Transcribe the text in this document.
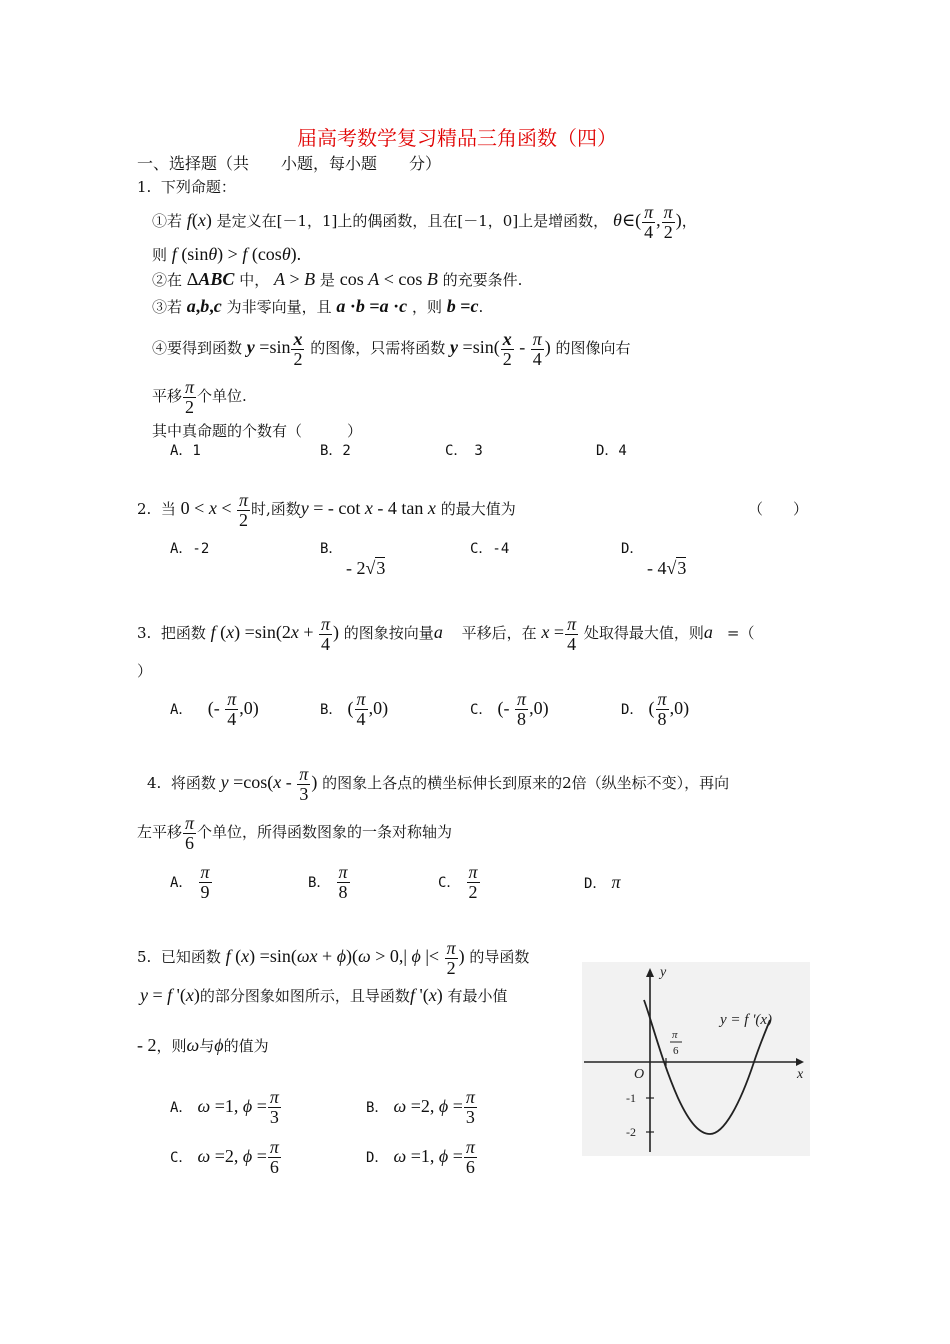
届高考数学复习精品三角函数（四）
一、选择题（共　　小题，每小题　　分）
1. 下列命题：
①若 f(x) 是定义在[－1，1]上的偶函数，且在[－1，0]上是增函数， θ∈( $\frac{\pi}{4}$ , $\frac{\pi}{2}$ )，
则 f (sinθ) > f (cosθ).
②在 ΔABC 中， A > B 是 cos A < cos B 的充要条件.
③若 a,b,c 为非零向量，且 a ·b =a ·c ，则 b =c.
④要得到函数 $y =\sin \frac{x}{2}$ 的图像，只需将函数 $y =\sin( \frac{x}{2} - \frac{\pi}{4}$ ) 的图像向右
平移 $\frac{\pi}{2}$ 个单位.
其中真命题的个数有（　　　）
A．1	B．2	C．　3	D．4
2. 当 $0 < x < \frac{\pi}{2}$ 时,函数y = - cot x - 4 tan x 的最大值为	（　　）
A．-2	B．
- 2√3
C．-4	D．
- 4√3
3. 把函数 f $(x) =\sin(2x + \frac{\pi}{4}$ ) 的图象按向量a⃗ 平移后，在 $x = \frac{\pi}{4}$ 处取得最大值，则a⃗=（
）
A． (- $\frac{\pi}{4} ,0$)	B． ( $\frac{\pi}{4} ,0$)	C． (- $\frac{\pi}{8} ,0$)	D． ( $\frac{\pi}{8} ,0$)
4. 将函数 $y =\cos(x - \frac{\pi}{3}$ ) 的图象上各点的横坐标伸长到原来的2倍（纵坐标不变），再向
左平移 $\frac{\pi}{6}$ 个单位，所得函数图象的一条对称轴为
A． $\frac{\pi}{9}$	B． $\frac{\pi}{8}$	C． $\frac{\pi}{2}$	D． π
5. 已知函数 f (x) =sin(ωx + ϕ)(ω > 0,| ϕ |< $\frac{\pi}{2}$ ) 的导函数
y = f '(x)的部分图象如图所示，且导函数f '(x) 有最小值
- 2，则ω与ϕ的值为
A． ω =1, $\phi = \frac{\pi}{3}$	B． ω =2, $\phi = \frac{\pi}{3}$
C． ω =2, $\phi = \frac{\pi}{6}$	D． ω =1, $\phi = \frac{\pi}{6}$
y
x
O
y = f '(x)
π
6
-1
-2
